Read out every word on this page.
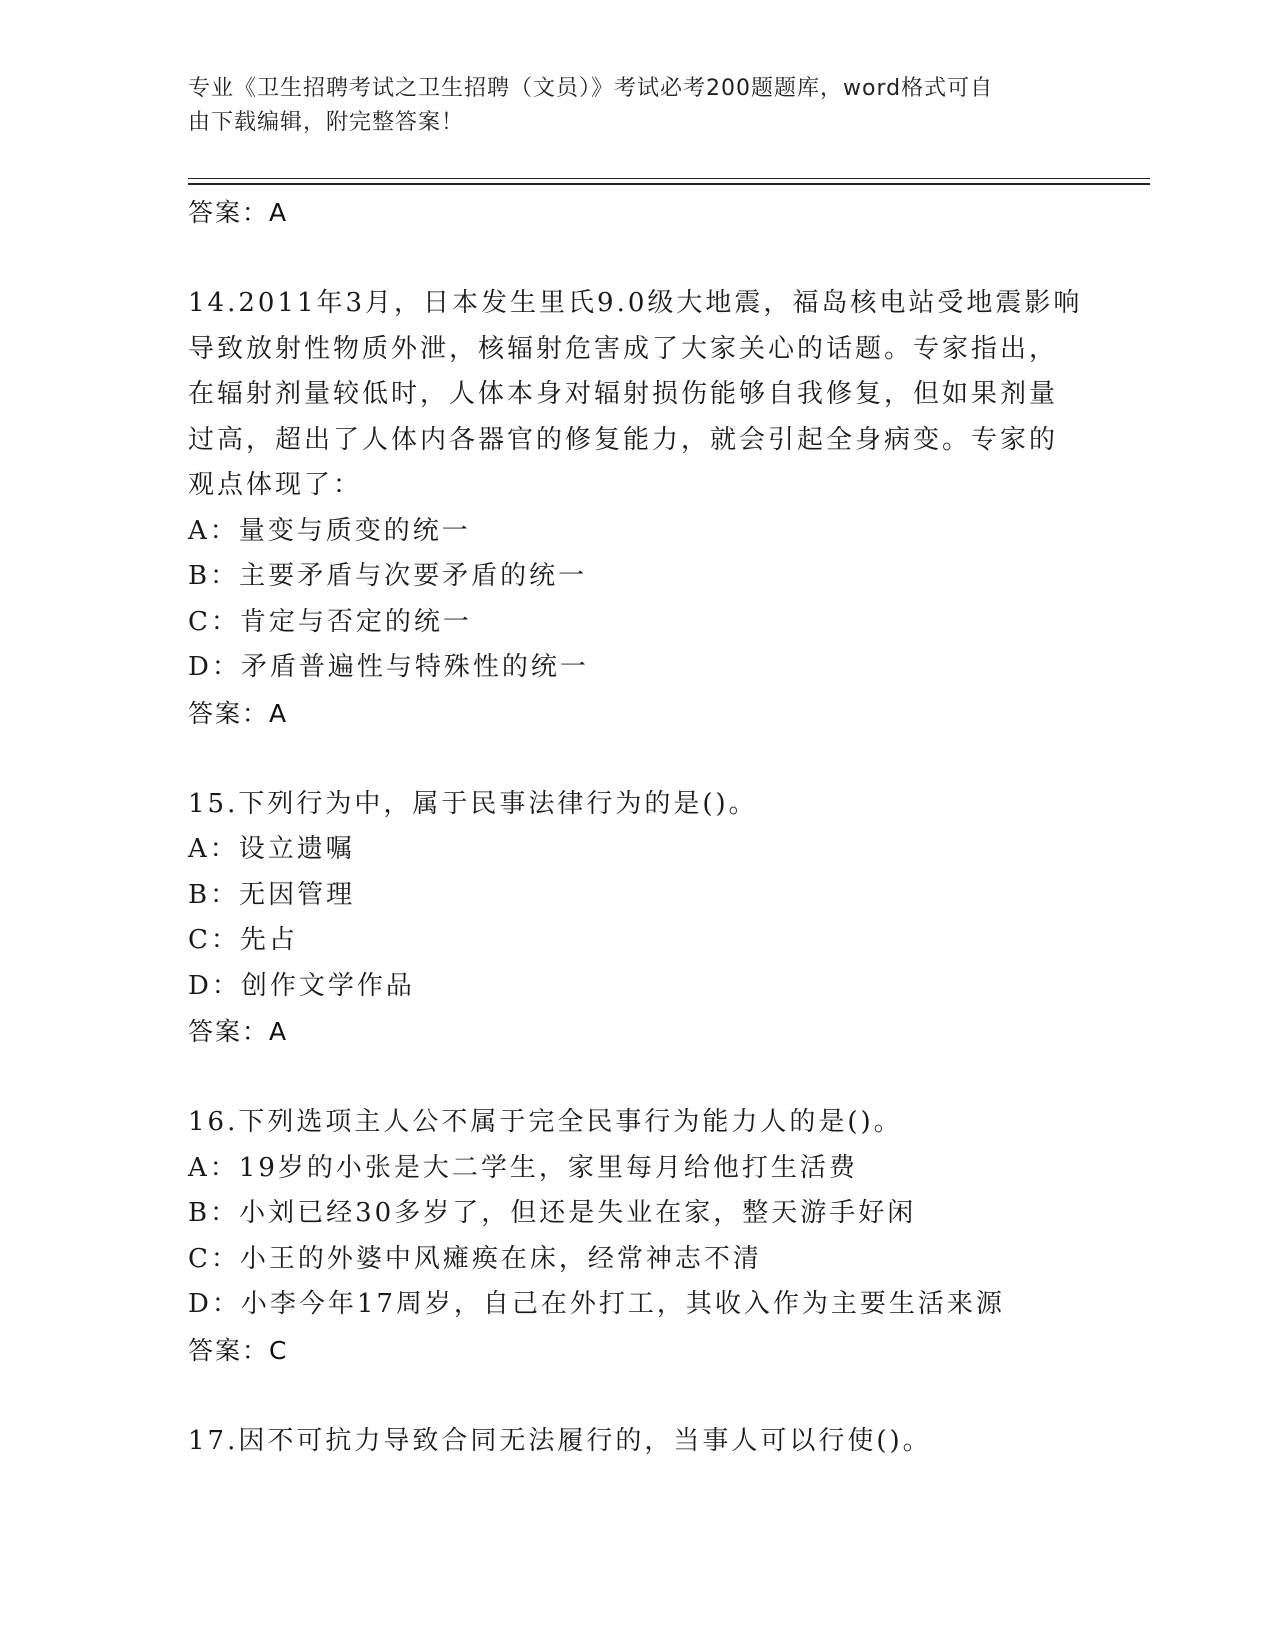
专业《卫生招聘考试之卫生招聘（文员）》考试必考200题题库，word格式可自
由下载编辑，附完整答案！
答案：A
14.2011年3月，日本发生里氏9.0级大地震，福岛核电站受地震影响
导致放射性物质外泄，核辐射危害成了大家关心的话题。专家指出，
在辐射剂量较低时，人体本身对辐射损伤能够自我修复，但如果剂量
过高，超出了人体内各器官的修复能力，就会引起全身病变。专家的
观点体现了：
A：量变与质变的统一
B：主要矛盾与次要矛盾的统一
C：肯定与否定的统一
D：矛盾普遍性与特殊性的统一
答案：A
15.下列行为中，属于民事法律行为的是()。
A：设立遗嘱
B：无因管理
C：先占
D：创作文学作品
答案：A
16.下列选项主人公不属于完全民事行为能力人的是()。
A：19岁的小张是大二学生，家里每月给他打生活费
B：小刘已经30多岁了，但还是失业在家，整天游手好闲
C：小王的外婆中风瘫痪在床，经常神志不清
D：小李今年17周岁，自己在外打工，其收入作为主要生活来源
答案：C
17.因不可抗力导致合同无法履行的，当事人可以行使()。
